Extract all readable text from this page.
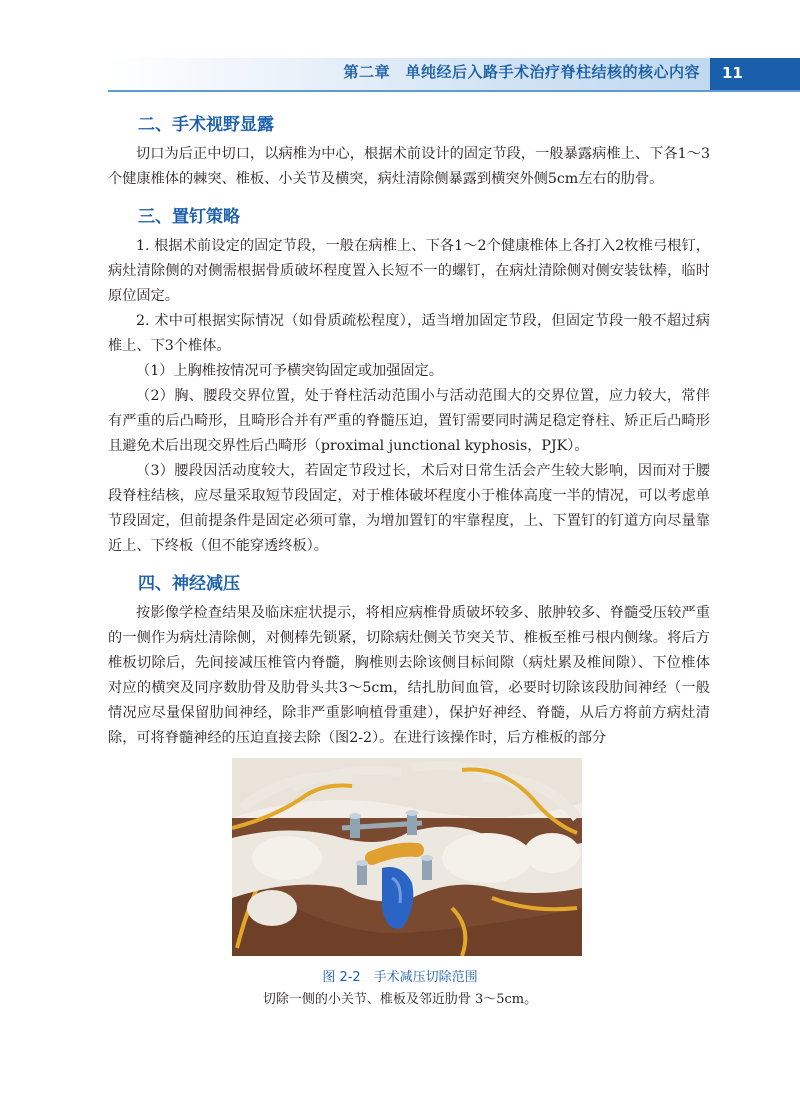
第二章　单纯经后入路手术治疗脊柱结核的核心内容 11
二、手术视野显露

切口为后正中切口，以病椎为中心，根据术前设计的固定节段，一般暴露病椎上、下各1～3个健康椎体的棘突、椎板、小关节及横突，病灶清除侧暴露到横突外侧5cm左右的肋骨。

三、置钉策略

1. 根据术前设定的固定节段，一般在病椎上、下各1～2个健康椎体上各打入2枚椎弓根钉，病灶清除侧的对侧需根据骨质破坏程度置入长短不一的螺钉，在病灶清除侧对侧安装钛棒，临时原位固定。

2. 术中可根据实际情况（如骨质疏松程度），适当增加固定节段，但固定节段一般不超过病椎上、下3个椎体。

（1）上胸椎按情况可予横突钩固定或加强固定。

（2）胸、腰段交界位置，处于脊柱活动范围小与活动范围大的交界位置，应力较大，常伴有严重的后凸畸形，且畸形合并有严重的脊髓压迫，置钉需要同时满足稳定脊柱、矫正后凸畸形且避免术后出现交界性后凸畸形（proximal junctional kyphosis，PJK）。

（3）腰段因活动度较大，若固定节段过长，术后对日常生活会产生较大影响，因而对于腰段脊柱结核，应尽量采取短节段固定，对于椎体破坏程度小于椎体高度一半的情况，可以考虑单节段固定，但前提条件是固定必须可靠，为增加置钉的牢靠程度，上、下置钉的钉道方向尽量靠近上、下终板（但不能穿透终板）。

四、神经减压

按影像学检查结果及临床症状提示，将相应病椎骨质破坏较多、脓肿较多、脊髓受压较严重的一侧作为病灶清除侧，对侧棒先锁紧，切除病灶侧关节突关节、椎板至椎弓根内侧缘。将后方椎板切除后，先间接减压椎管内脊髓，胸椎则去除该侧目标间隙（病灶累及椎间隙）、下位椎体对应的横突及同序数肋骨及肋骨头共3～5cm，结扎肋间血管，必要时切除该段肋间神经（一般情况应尽量保留肋间神经，除非严重影响植骨重建），保护好神经、脊髓，从后方将前方病灶清除，可将脊髓神经的压迫直接去除（图2-2）。在进行该操作时，后方椎板的部分

图 2-2　手术减压切除范围
切除一侧的小关节、椎板及邻近肋骨 3～5cm。
